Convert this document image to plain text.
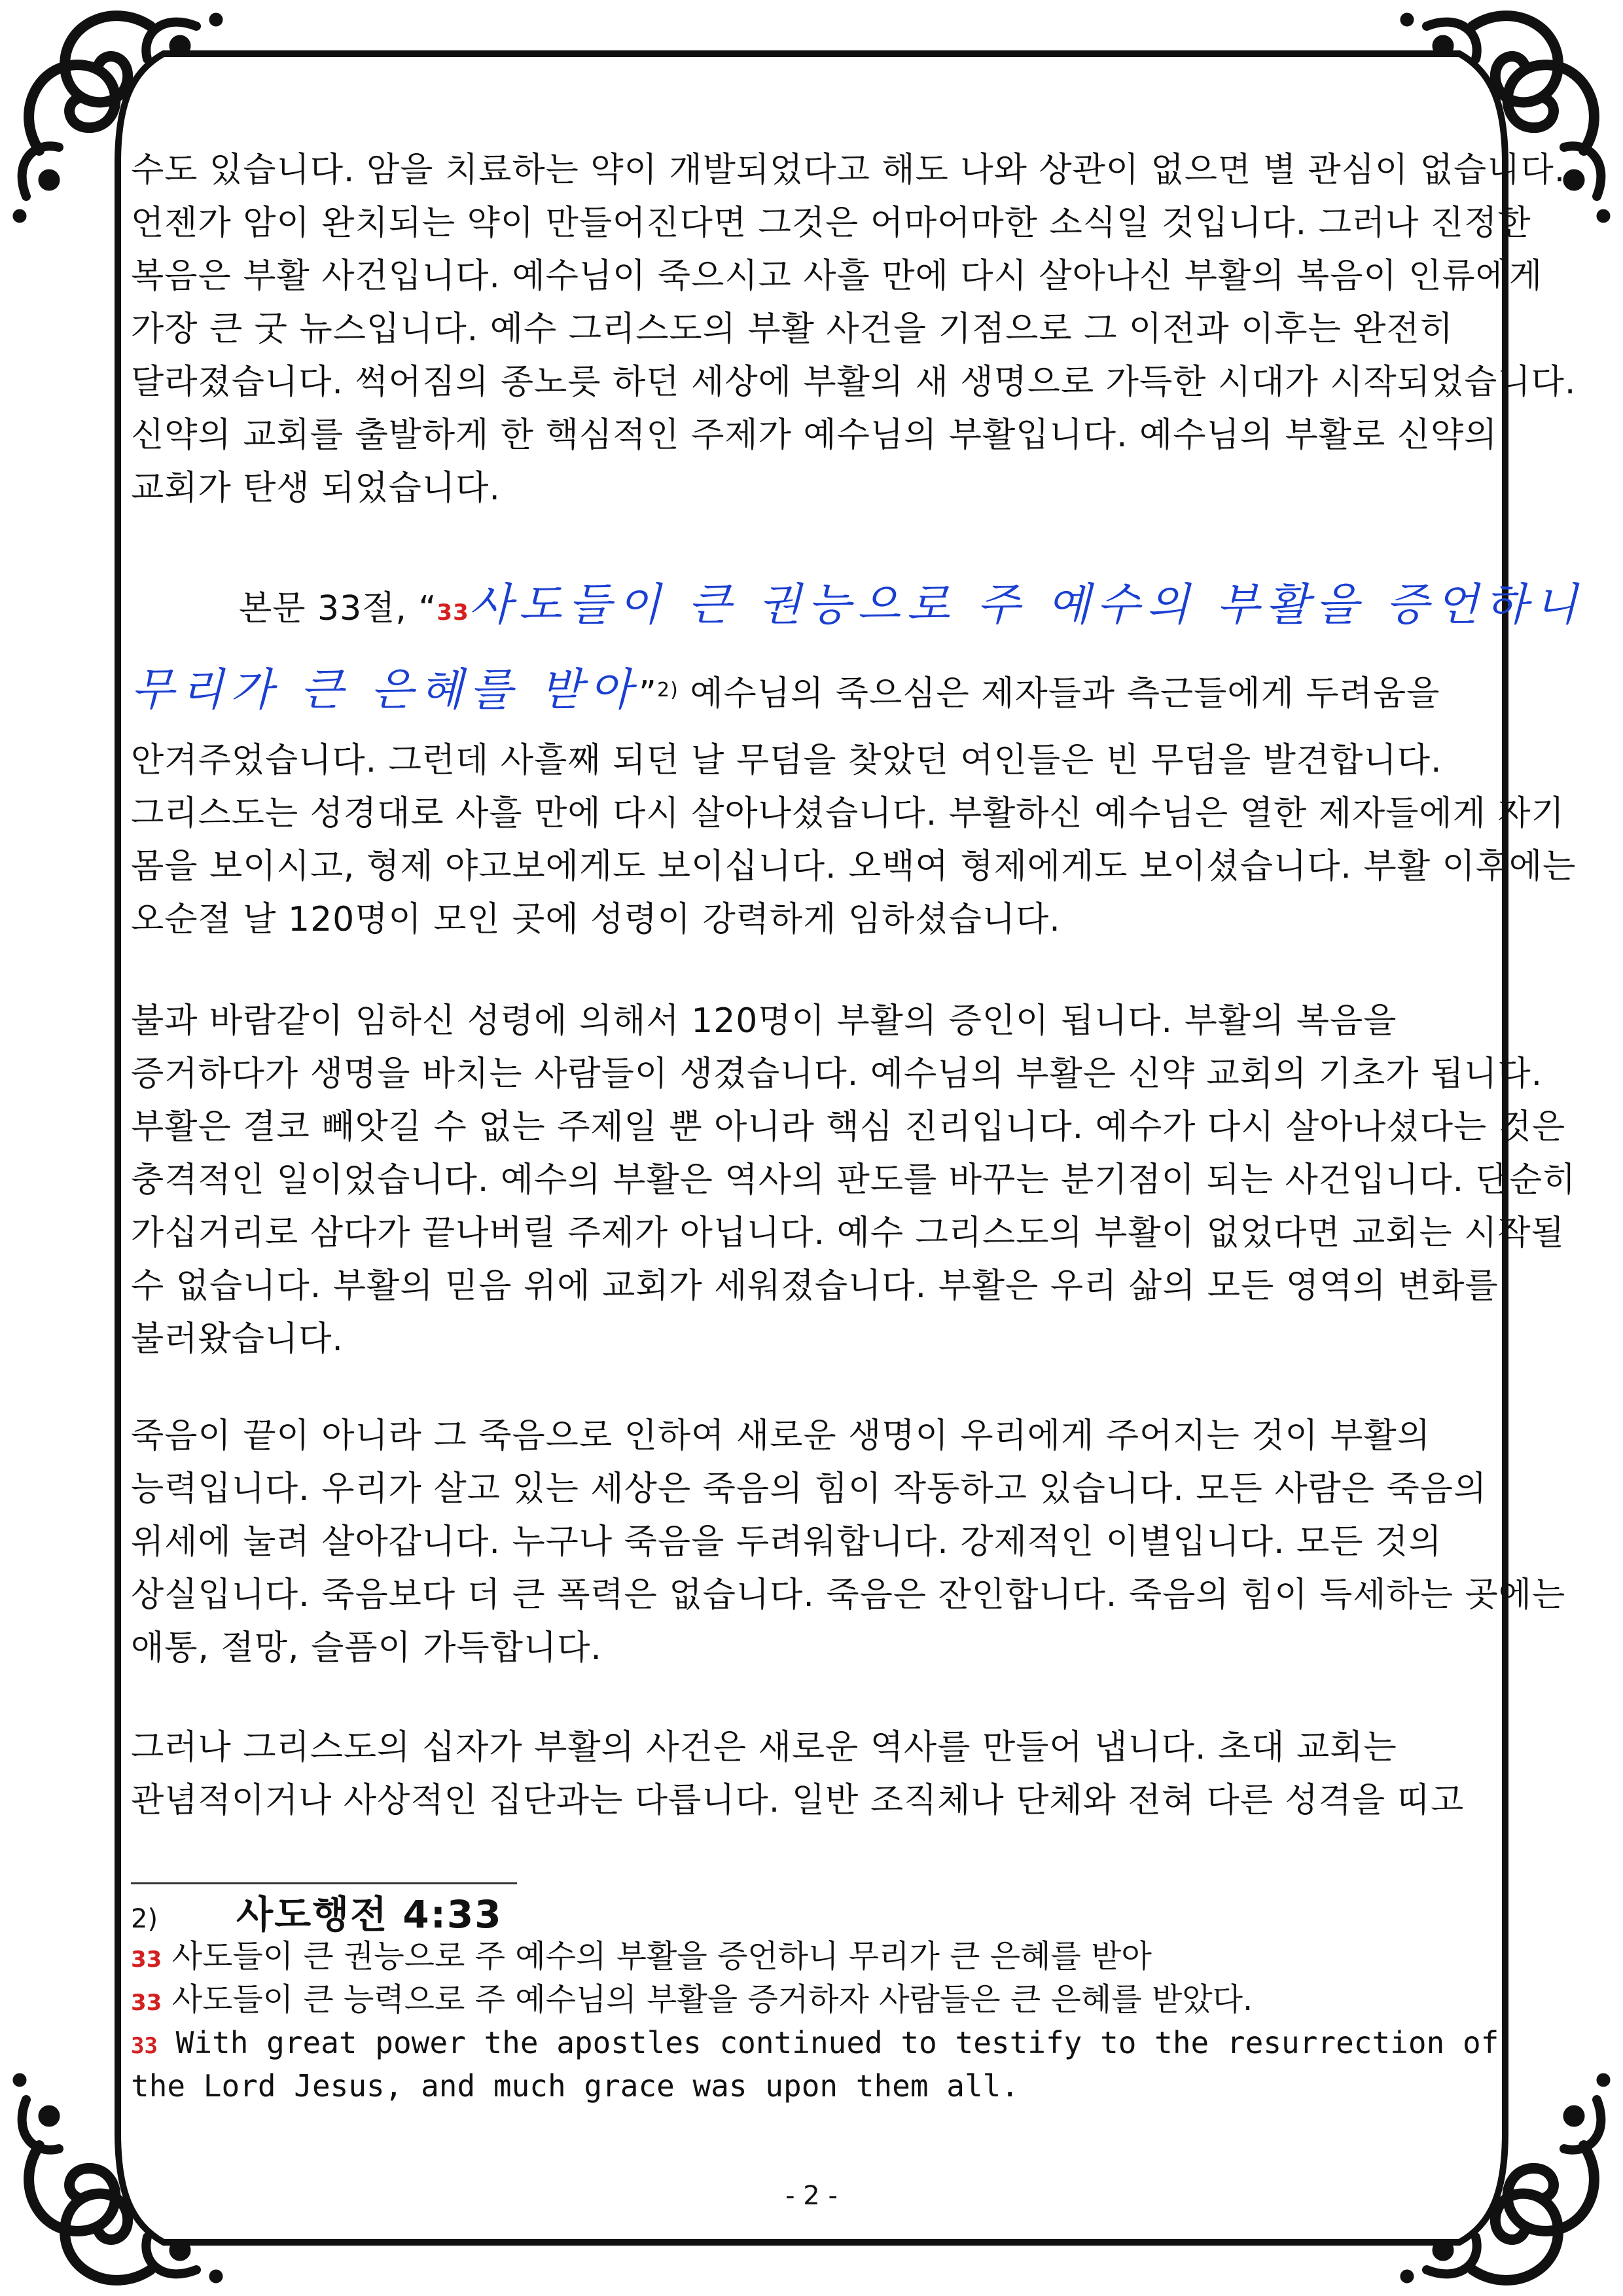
수도 있습니다. 암을 치료하는 약이 개발되었다고 해도 나와 상관이 없으면 별 관심이 없습니다.
언젠가 암이 완치되는 약이 만들어진다면 그것은 어마어마한 소식일 것입니다. 그러나 진정한
복음은 부활 사건입니다. 예수님이 죽으시고 사흘 만에 다시 살아나신 부활의 복음이 인류에게
가장 큰 굿 뉴스입니다. 예수 그리스도의 부활 사건을 기점으로 그 이전과 이후는 완전히
달라졌습니다. 썩어짐의 종노릇 하던 세상에 부활의 새 생명으로 가득한 시대가 시작되었습니다.
신약의 교회를 출발하게 한 핵심적인 주제가 예수님의 부활입니다. 예수님의 부활로 신약의
교회가 탄생 되었습니다.
본문 33절, “33사도들이 큰 권능으로 주 예수의 부활을 증언하니
무리가 큰 은혜를 받아”$^{2)}$ 예수님의 죽으심은 제자들과 측근들에게 두려움을
안겨주었습니다. 그런데 사흘째 되던 날 무덤을 찾았던 여인들은 빈 무덤을 발견합니다.
그리스도는 성경대로 사흘 만에 다시 살아나셨습니다. 부활하신 예수님은 열한 제자들에게 자기
몸을 보이시고, 형제 야고보에게도 보이십니다. 오백여 형제에게도 보이셨습니다. 부활 이후에는
오순절 날 120명이 모인 곳에 성령이 강력하게 임하셨습니다.
불과 바람같이 임하신 성령에 의해서 120명이 부활의 증인이 됩니다. 부활의 복음을
증거하다가 생명을 바치는 사람들이 생겼습니다. 예수님의 부활은 신약 교회의 기초가 됩니다.
부활은 결코 빼앗길 수 없는 주제일 뿐 아니라 핵심 진리입니다. 예수가 다시 살아나셨다는 것은
충격적인 일이었습니다. 예수의 부활은 역사의 판도를 바꾸는 분기점이 되는 사건입니다. 단순히
가십거리로 삼다가 끝나버릴 주제가 아닙니다. 예수 그리스도의 부활이 없었다면 교회는 시작될
수 없습니다. 부활의 믿음 위에 교회가 세워졌습니다. 부활은 우리 삶의 모든 영역의 변화를
불러왔습니다.
죽음이 끝이 아니라 그 죽음으로 인하여 새로운 생명이 우리에게 주어지는 것이 부활의
능력입니다. 우리가 살고 있는 세상은 죽음의 힘이 작동하고 있습니다. 모든 사람은 죽음의
위세에 눌려 살아갑니다. 누구나 죽음을 두려워합니다. 강제적인 이별입니다. 모든 것의
상실입니다. 죽음보다 더 큰 폭력은 없습니다. 죽음은 잔인합니다. 죽음의 힘이 득세하는 곳에는
애통, 절망, 슬픔이 가득합니다.
그러나 그리스도의 십자가 부활의 사건은 새로운 역사를 만들어 냅니다. 초대 교회는
관념적이거나 사상적인 집단과는 다릅니다. 일반 조직체나 단체와 전혀 다른 성격을 띠고
2) 사도행전 4:33
33 사도들이 큰 권능으로 주 예수의 부활을 증언하니 무리가 큰 은혜를 받아
33 사도들이 큰 능력으로 주 예수님의 부활을 증거하자 사람들은 큰 은혜를 받았다.
33 With great power the apostles continued to testify to the resurrection of
the Lord Jesus, and much grace was upon them all.
- 2 -
